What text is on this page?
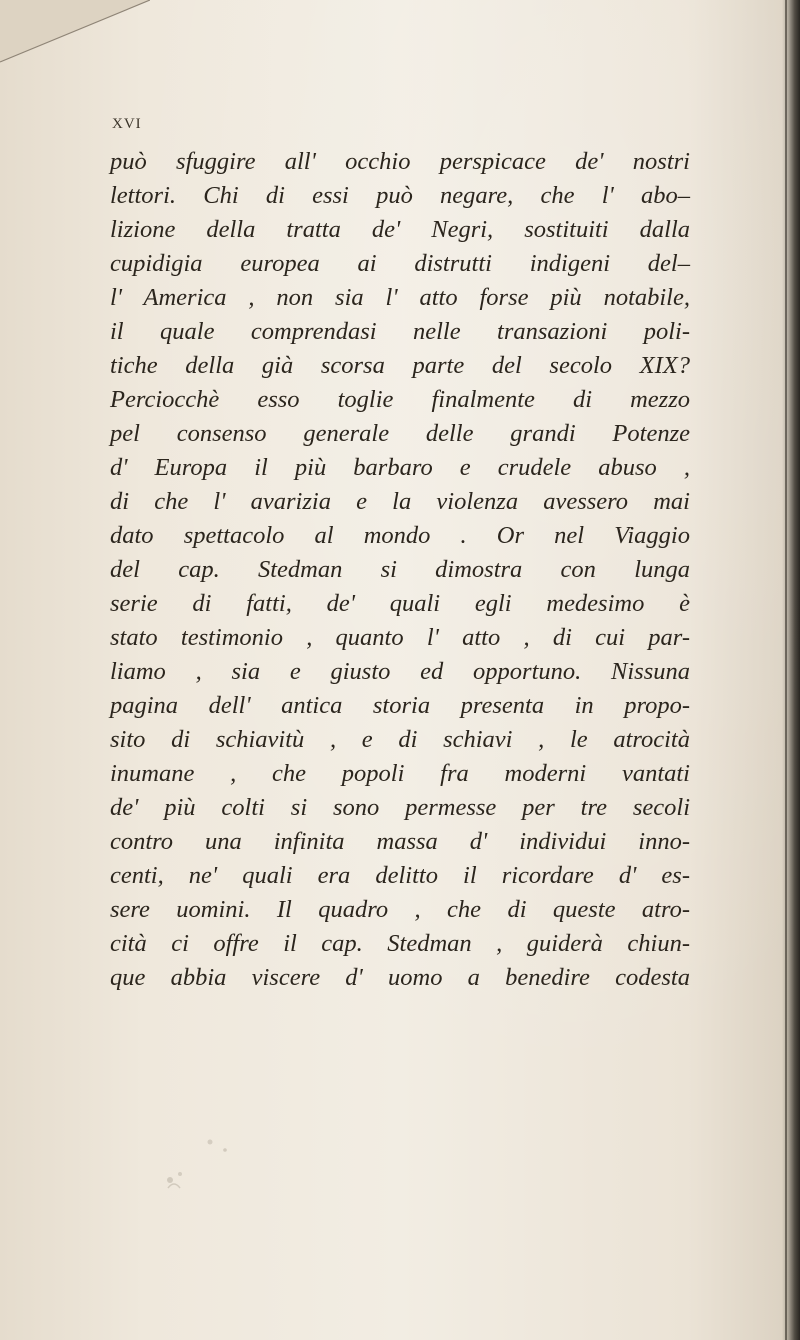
XVI
può sfuggire all' occhio perspicace de' nostri
lettori. Chi di essi può negare, che l' abo–
lizione della tratta de' Negri, sostituiti dalla
cupidigia europea ai distrutti indigeni del–
l' America , non sia l' atto forse più notabile,
il quale comprendasi nelle transazioni poli-
tiche della già scorsa parte del secolo XIX?
Perciocchè esso toglie finalmente di mezzo
pel consenso generale delle grandi Potenze
d' Europa il più barbaro e crudele abuso ,
di che l' avarizia e la violenza avessero mai
dato spettacolo al mondo . Or nel Viaggio
del cap. Stedman si dimostra con lunga
serie di fatti, de' quali egli medesimo è
stato testimonio , quanto l' atto , di cui par-
liamo , sia e giusto ed opportuno. Nissuna
pagina dell' antica storia presenta in propo-
sito di schiavitù , e di schiavi , le atrocità
inumane , che popoli fra moderni vantati
de' più colti si sono permesse per tre secoli
contro una infinita massa d' individui inno-
centi, ne' quali era delitto il ricordare d' es-
sere uomini. Il quadro , che di queste atro-
cità ci offre il cap. Stedman , guiderà chiun-
que abbia viscere d' uomo a benedire codesta
